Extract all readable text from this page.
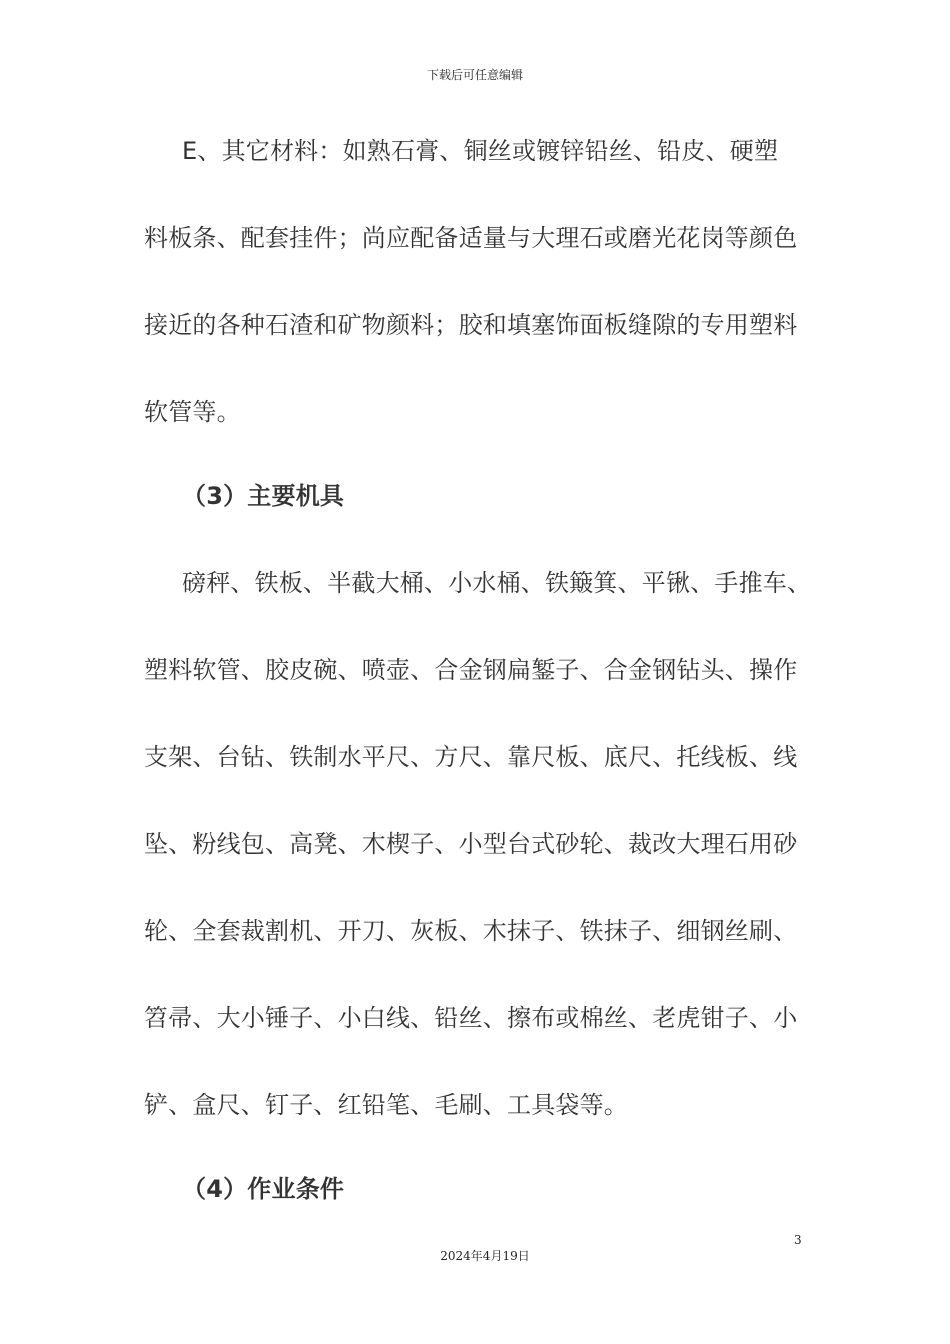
下载后可任意编辑
E、其它材料：如熟石膏、铜丝或镀锌铅丝、铅皮、硬塑
料板条、配套挂件；尚应配备适量与大理石或磨光花岗等颜色
接近的各种石渣和矿物颜料；胶和填塞饰面板缝隙的专用塑料
软管等。
（3）主要机具
磅秤、铁板、半截大桶、小水桶、铁簸箕、平锹、手推车、
塑料软管、胶皮碗、喷壶、合金钢扁錾子、合金钢钻头、操作
支架、台钻、铁制水平尺、方尺、靠尺板、底尺、托线板、线
坠、粉线包、高凳、木楔子、小型台式砂轮、裁改大理石用砂
轮、全套裁割机、开刀、灰板、木抹子、铁抹子、细钢丝刷、
笤帚、大小锤子、小白线、铅丝、擦布或棉丝、老虎钳子、小
铲、盒尺、钉子、红铅笔、毛刷、工具袋等。
（4）作业条件
3
2024年4月19日
